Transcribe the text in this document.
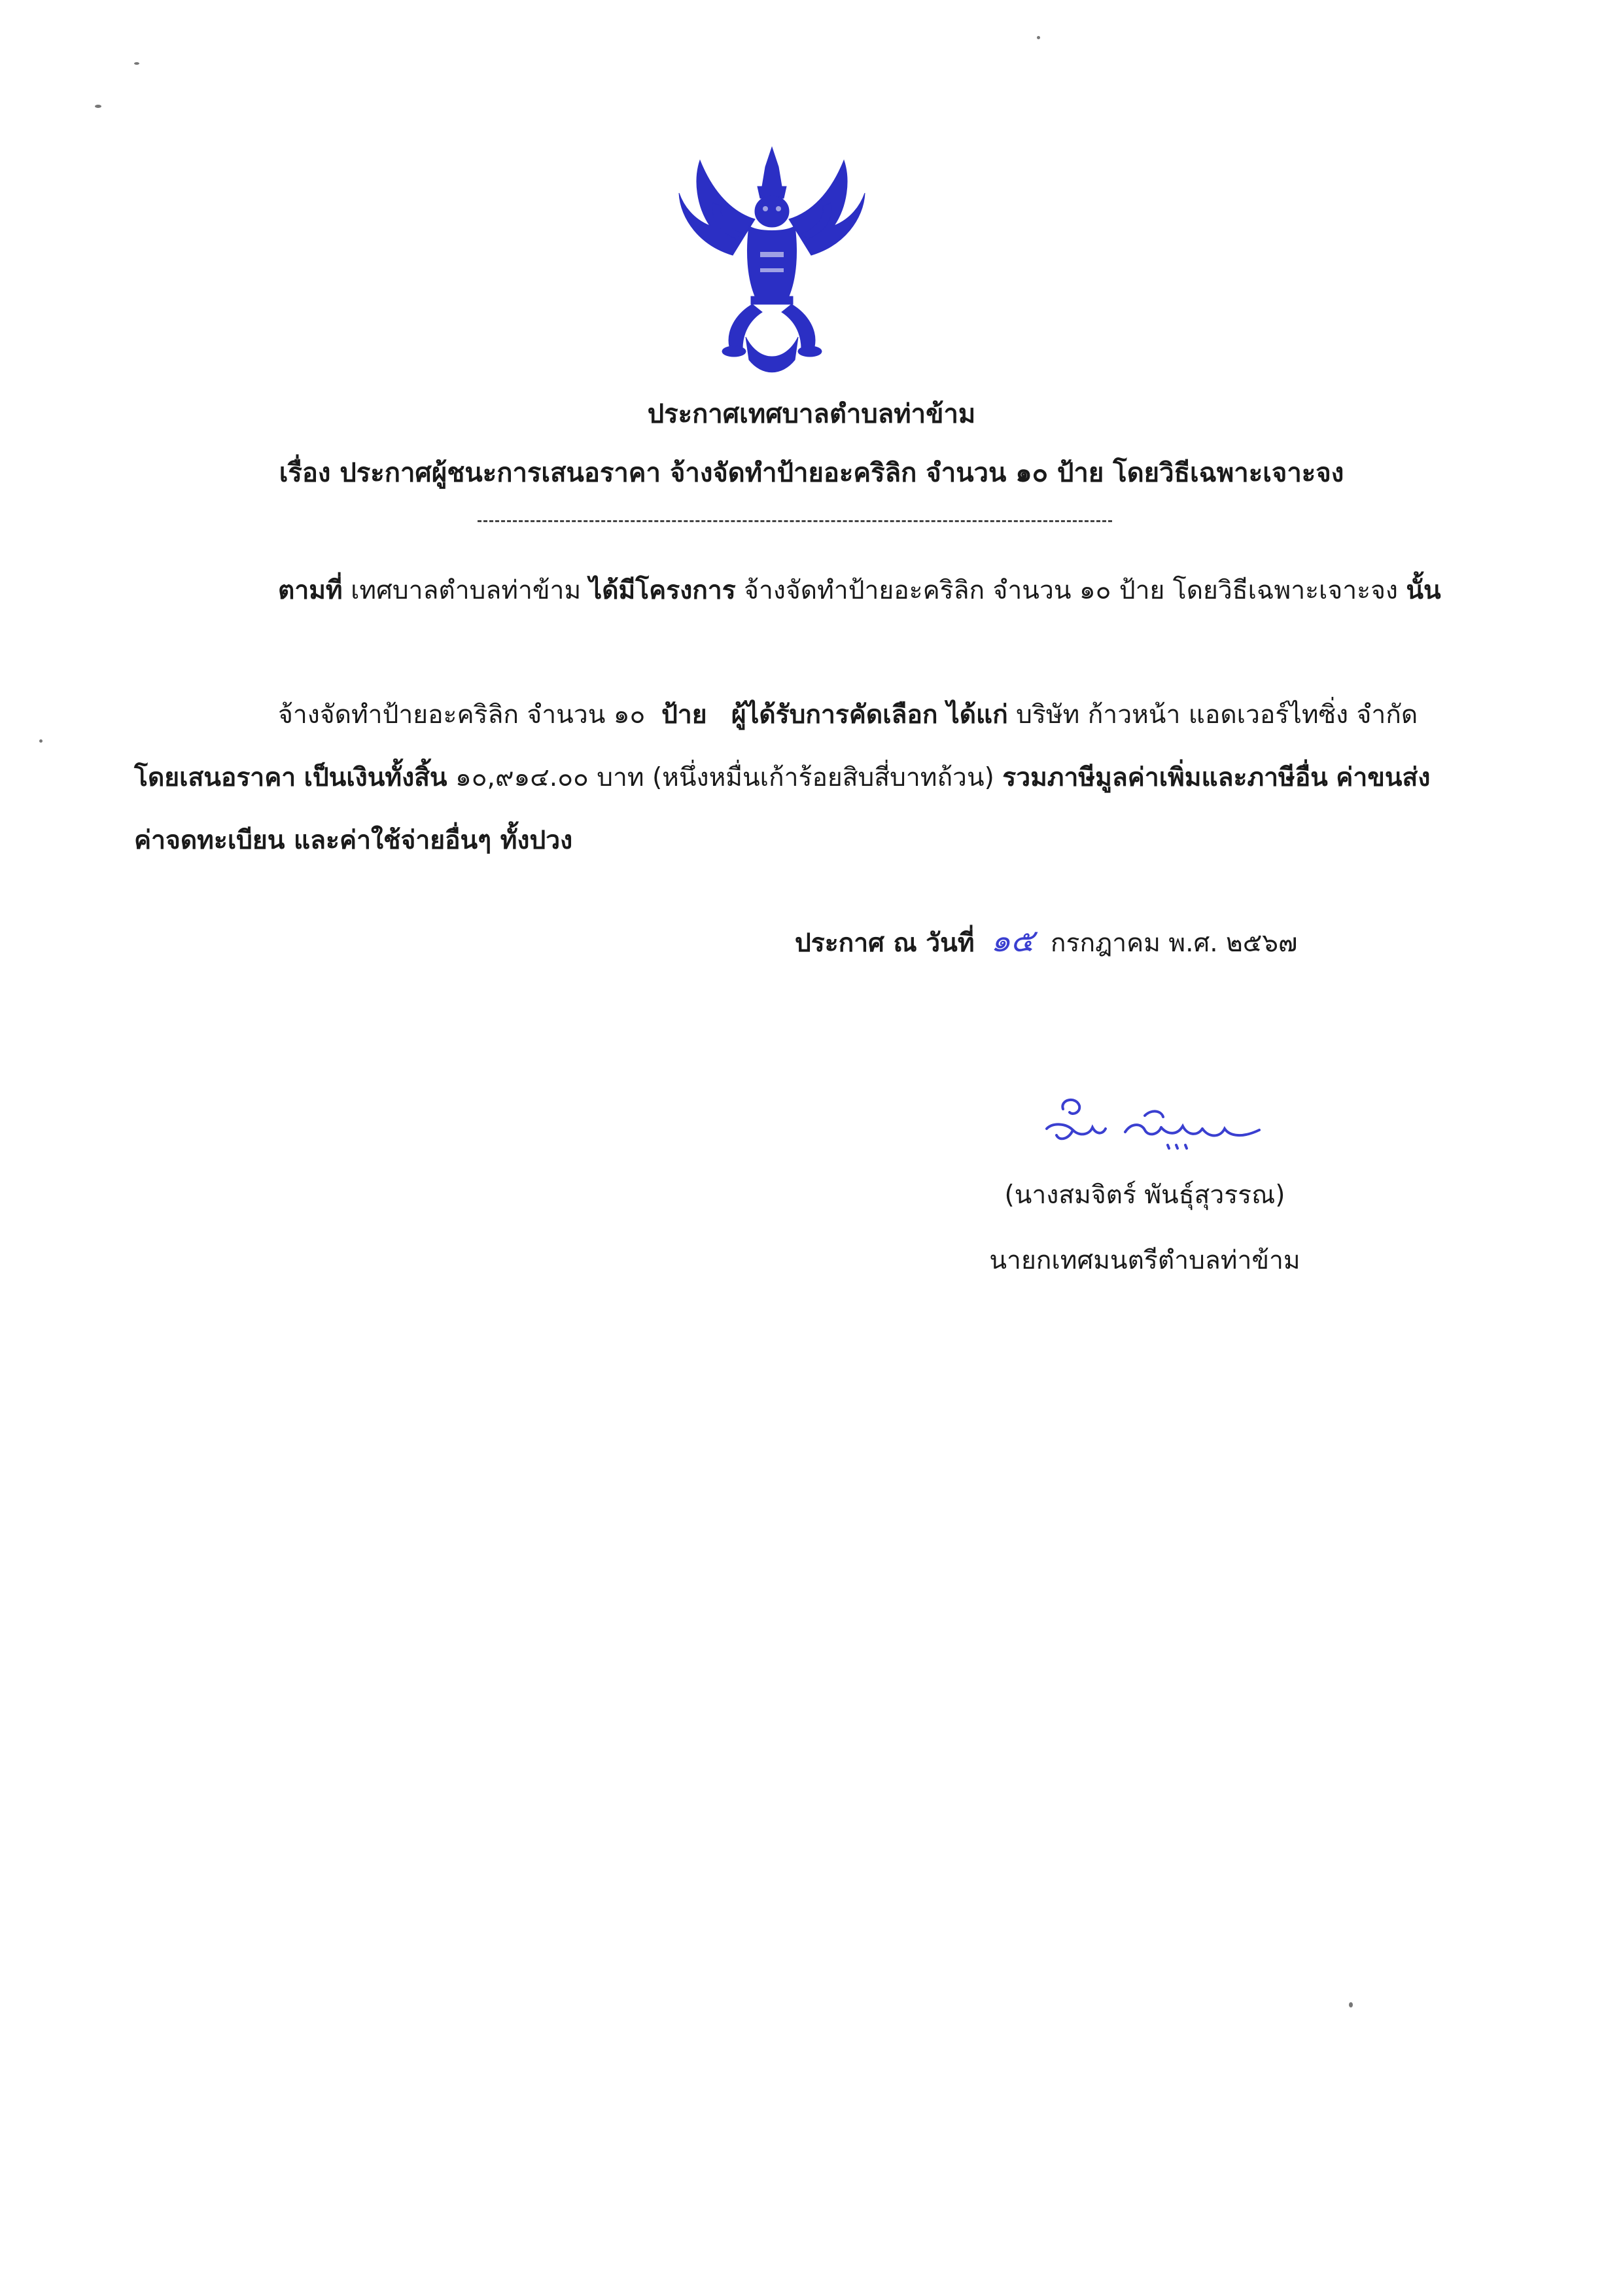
ประกาศเทศบาลตำบลท่าข้าม
เรื่อง ประกาศผู้ชนะการเสนอราคา จ้างจัดทำป้ายอะคริลิก จำนวน ๑๐ ป้าย โดยวิธีเฉพาะเจาะจง

ตามที่ เทศบาลตำบลท่าข้าม ได้มีโครงการ จ้างจัดทำป้ายอะคริลิก จำนวน ๑๐ ป้าย โดยวิธีเฉพาะเจาะจง นั้น

จ้างจัดทำป้ายอะคริลิก จำนวน ๑๐ ป้าย ผู้ได้รับการคัดเลือก ได้แก่ บริษัท ก้าวหน้า แอดเวอร์ไทซิ่ง จำกัด โดยเสนอราคา เป็นเงินทั้งสิ้น ๑๐,๙๑๔.๐๐ บาท (หนึ่งหมื่นเก้าร้อยสิบสี่บาทถ้วน) รวมภาษีมูลค่าเพิ่มและภาษีอื่น ค่าขนส่ง ค่าจดทะเบียน และค่าใช้จ่ายอื่นๆ ทั้งปวง

ประกาศ ณ วันที่ ๑๕ กรกฎาคม พ.ศ. ๒๕๖๗
(นางสมจิตร์ พันธุ์สุวรรณ)
นายกเทศมนตรีตำบลท่าข้าม
